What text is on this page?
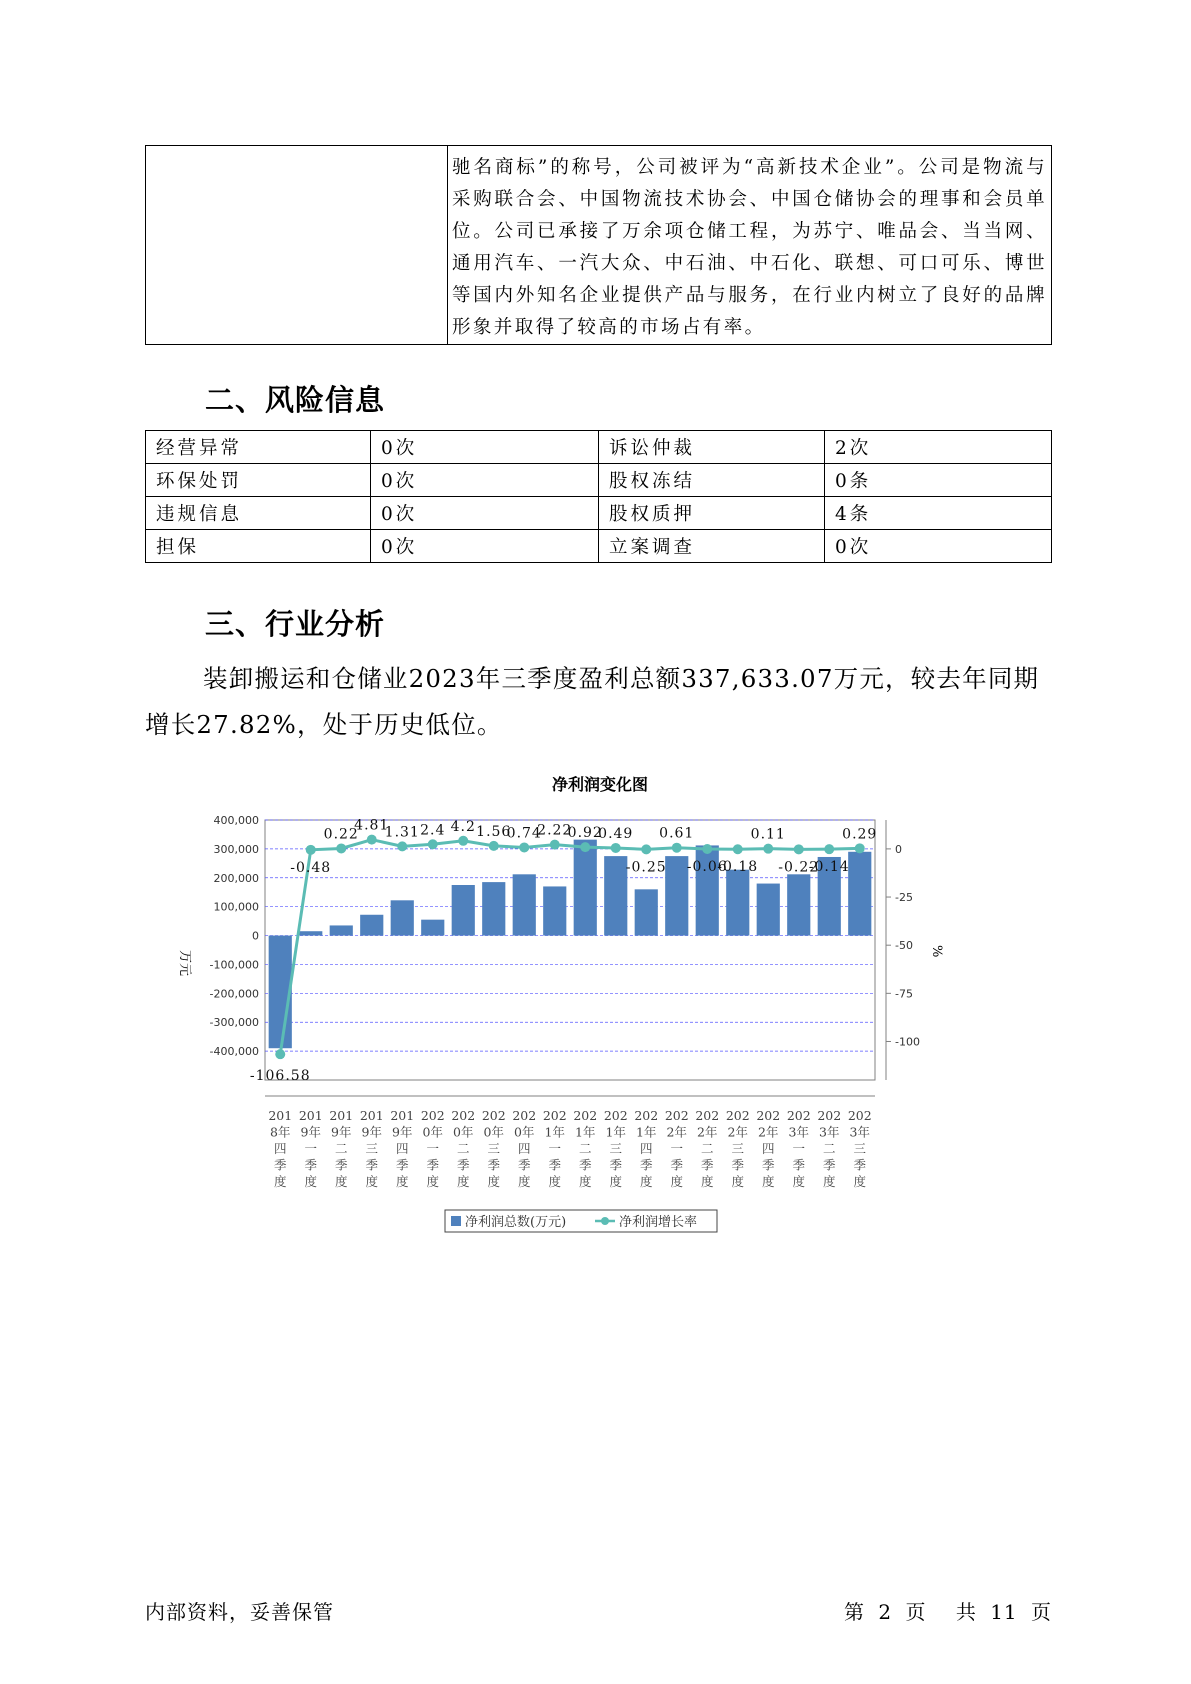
驰名商标”的称号，公司被评为“高新技术企业”。公司是物流与采购联合会、中国物流技术协会、中国仓储协会的理事和会员单位。公司已承接了万余项仓储工程，为苏宁、唯品会、当当网、通用汽车、一汽大众、中石油、中石化、联想、可口可乐、博世等国内外知名企业提供产品与服务，在行业内树立了良好的品牌形象并取得了较高的市场占有率。
二、风险信息
经营异常	0次	诉讼仲裁	2次
环保处罚	0次	股权冻结	0条
违规信息	0次	股权质押	4条
担保	0次	立案调查	0次
三、行业分析

装卸搬运和仓储业2023年三季度盈利总额337,633.07万元，较去年同期增长27.82%，处于历史低位。

净利润变化图
400,000
300,000
200,000
100,000
0
-100,000
-200,000
-300,000
-400,000
0
-25
-50
-75
-100
万元	%
-106.58
-0.48
0.22
4.81
1.31 2.4 4.2 1.56
0.74
2.22
0.92
0.49
-0.25
0.61
-0.06
-0.18
0.11
-0.22
-0.14
0.29
201
8年
四
季
度
201
9年
一
季
度
201
9年
二
季
度
201
9年
三
季
度
201
9年
四
季
度
202
0年
一
季
度
202
0年
二
季
度
202
0年
三
季
度
202
0年
四
季
度
202
1年
一
季
度
202
1年
二
季
度
202
1年
三
季
度
202
1年
四
季
度
202
2年
一
季
度
202
2年
二
季
度
202
2年
三
季
度
202
2年
四
季
度
202
3年
一
季
度
202
3年
二
季
度
202
3年
三
季
度
净利润总数(万元)	净利润增长率
内部资料，妥善保管	第 2 页 共 11 页
